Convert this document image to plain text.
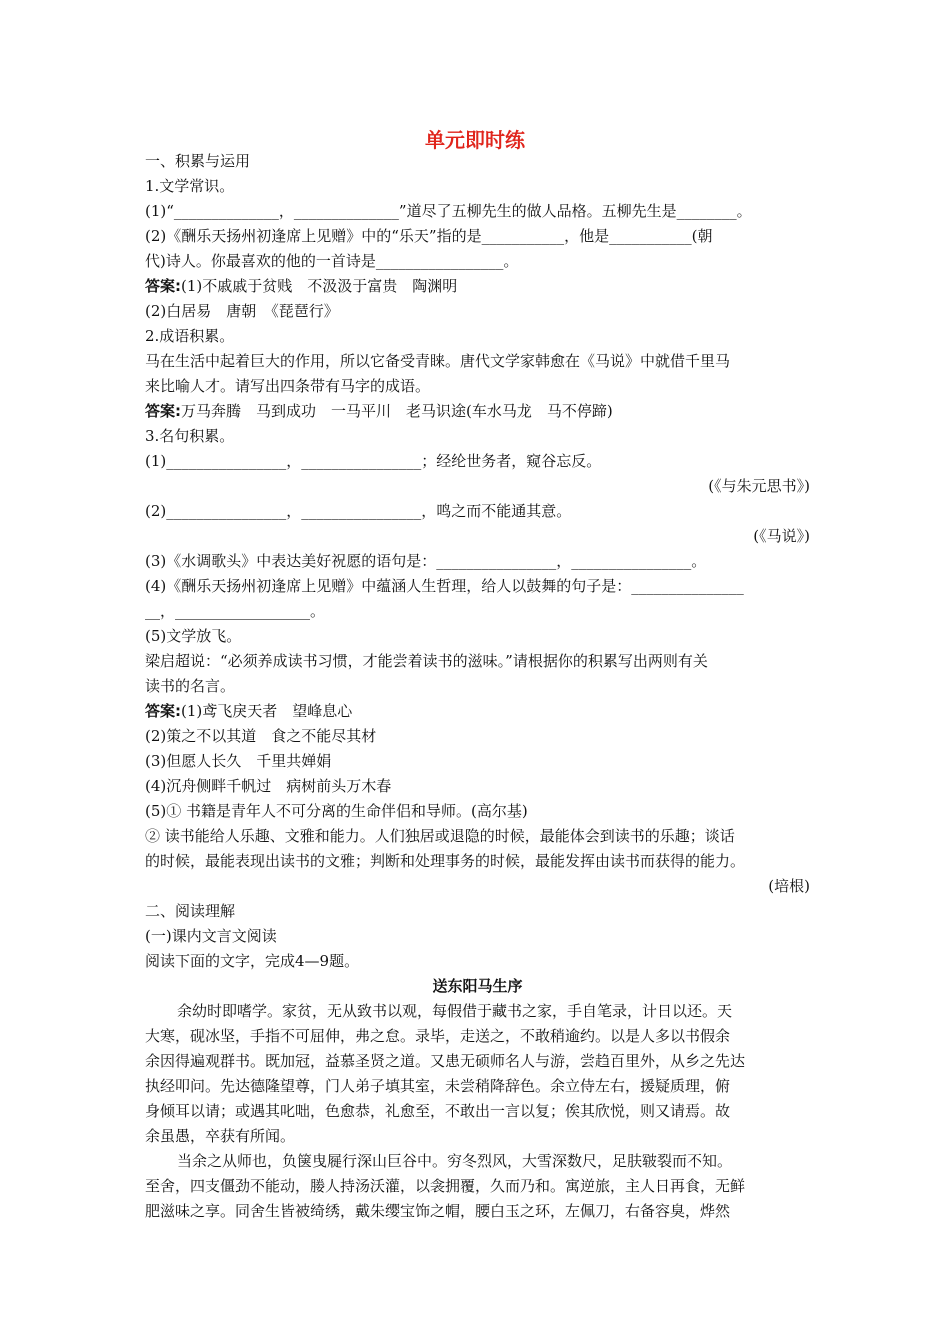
单元即时练
一、积累与运用
1.文学常识。
(1)“______________，______________”道尽了五柳先生的做人品格。五柳先生是________。
(2)《酬乐天扬州初逢席上见赠》中的“乐天”指的是___________，他是___________(朝
代)诗人。你最喜欢的他的一首诗是_________________。
答案:(1)不戚戚于贫贱　不汲汲于富贵　陶渊明
(2)白居易　唐朝　《琵琶行》
2.成语积累。
马在生活中起着巨大的作用，所以它备受青睐。唐代文学家韩愈在《马说》中就借千里马
来比喻人才。请写出四条带有马字的成语。
答案:万马奔腾　马到成功　一马平川　老马识途(车水马龙　马不停蹄)
3.名句积累。
(1)________________，________________；经纶世务者，窥谷忘反。
(《与朱元思书》)
(2)________________，________________，鸣之而不能通其意。
(《马说》)
(3)《水调歌头》中表达美好祝愿的语句是：________________，________________。
(4)《酬乐天扬州初逢席上见赠》中蕴涵人生哲理，给人以鼓舞的句子是：_______________
__，__________________。
(5)文学放飞。
梁启超说：“必须养成读书习惯，才能尝着读书的滋味。”请根据你的积累写出两则有关
读书的名言。
答案:(1)鸢飞戾天者　望峰息心
(2)策之不以其道　食之不能尽其材
(3)但愿人长久　千里共婵娟
(4)沉舟侧畔千帆过　病树前头万木春
(5)① 书籍是青年人不可分离的生命伴侣和导师。(高尔基)
② 读书能给人乐趣、文雅和能力。人们独居或退隐的时候，最能体会到读书的乐趣；谈话
的时候，最能表现出读书的文雅；判断和处理事务的时候，最能发挥由读书而获得的能力。
(培根)
二、阅读理解
(一)课内文言文阅读
阅读下面的文字，完成4—9题。
送东阳马生序
余幼时即嗜学。家贫，无从致书以观，每假借于藏书之家，手自笔录，计日以还。天
大寒，砚冰坚，手指不可屈伸，弗之怠。录毕，走送之，不敢稍逾约。以是人多以书假余
余因得遍观群书。既加冠，益慕圣贤之道。又患无硕师名人与游，尝趋百里外，从乡之先达
执经叩问。先达德隆望尊，门人弟子填其室，未尝稍降辞色。余立侍左右，援疑质理，俯
身倾耳以请；或遇其叱咄，色愈恭，礼愈至，不敢出一言以复；俟其欣悦，则又请焉。故
余虽愚，卒获有所闻。
当余之从师也，负箧曳屣行深山巨谷中。穷冬烈风，大雪深数尺，足肤皲裂而不知。
至舍，四支僵劲不能动，媵人持汤沃灌，以衾拥覆，久而乃和。寓逆旅，主人日再食，无鲜
肥滋味之享。同舍生皆被绮绣，戴朱缨宝饰之帽，腰白玉之环，左佩刀，右备容臭，烨然
